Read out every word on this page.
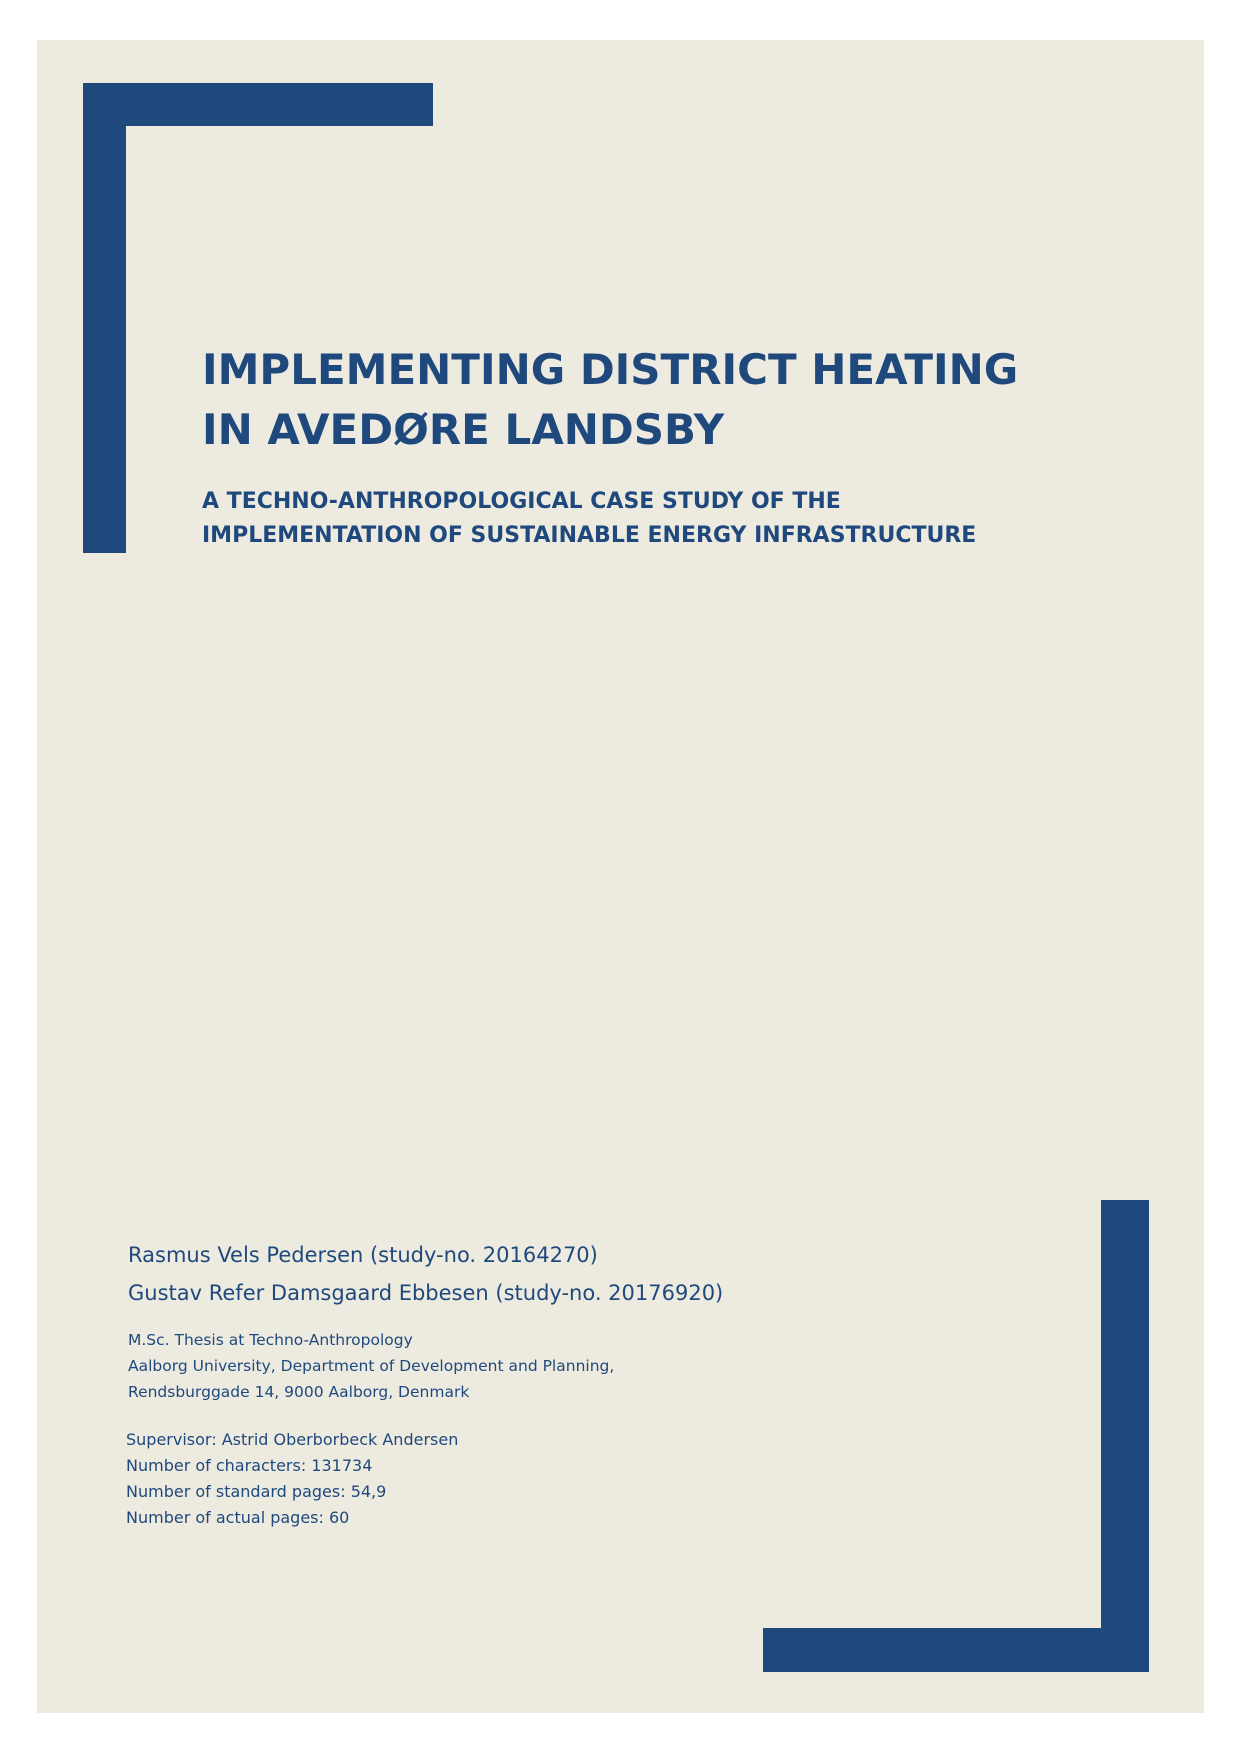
IMPLEMENTING DISTRICT HEATING
IN AVEDØRE LANDSBY
A TECHNO-ANTHROPOLOGICAL CASE STUDY OF THE
IMPLEMENTATION OF SUSTAINABLE ENERGY INFRASTRUCTURE
Rasmus Vels Pedersen (study-no. 20164270)
Gustav Refer Damsgaard Ebbesen (study-no. 20176920)
M.Sc. Thesis at Techno-Anthropology
Aalborg University, Department of Development and Planning,
Rendsburggade 14, 9000 Aalborg, Denmark
Supervisor: Astrid Oberborbeck Andersen
Number of characters: 131734
Number of standard pages: 54,9
Number of actual pages: 60
